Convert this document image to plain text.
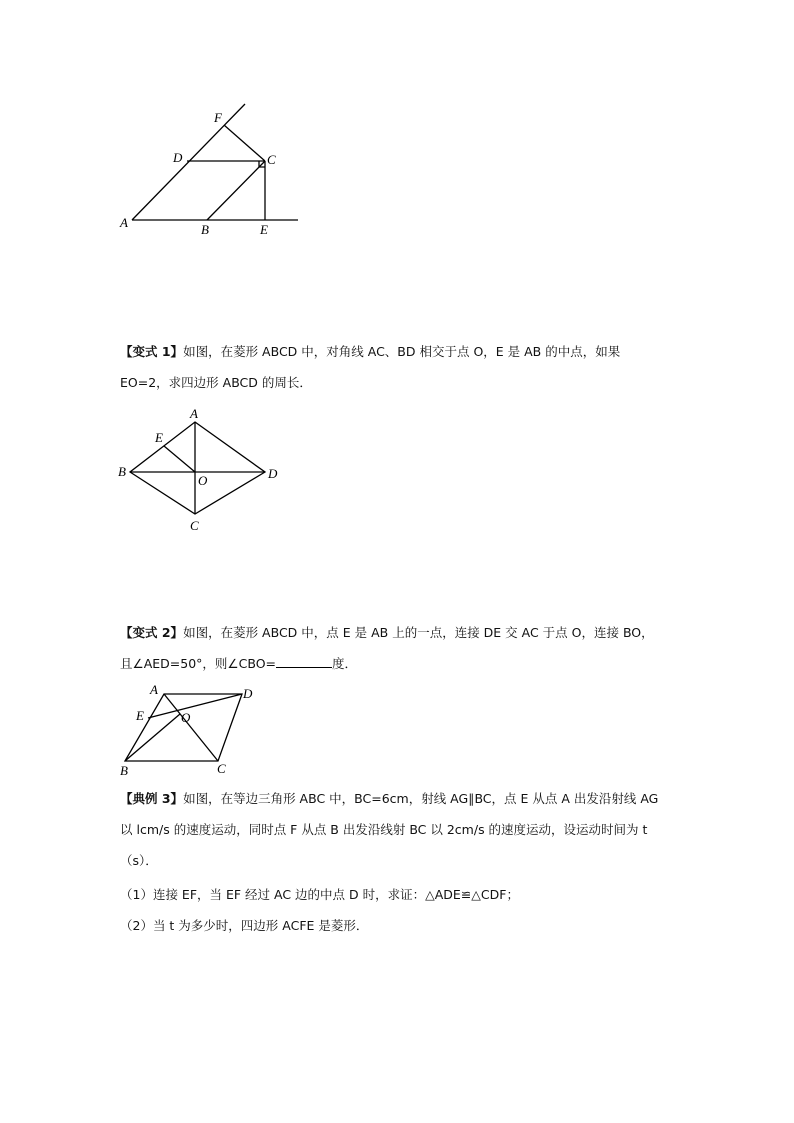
F
D	C
A	B	E

【变式 1】如图，在菱形 ABCD 中，对角线 AC、BD 相交于点 O，E 是 AB 的中点，如果

EO=2，求四边形 ABCD 的周长．

A
E
B
O	D
C

【变式 2】如图，在菱形 ABCD 中，点 E 是 AB 上的一点，连接 DE 交 AC 于点 O，连接 BO，

且∠AED=50°，则∠CBO=	度．

A	D
E	O
B	C

【典例 3】如图，在等边三角形 ABC 中，BC=6cm，射线 AG∥BC，点 E 从点 A 出发沿射线 AG

以 lcm/s 的速度运动，同时点 F 从点 B 出发沿线射 BC 以 2cm/s 的速度运动，设运动时间为 t

（s）．

（1）连接 EF，当 EF 经过 AC 边的中点 D 时，求证：△ADE≌△CDF；

（2）当 t 为多少时，四边形 ACFE 是菱形．
